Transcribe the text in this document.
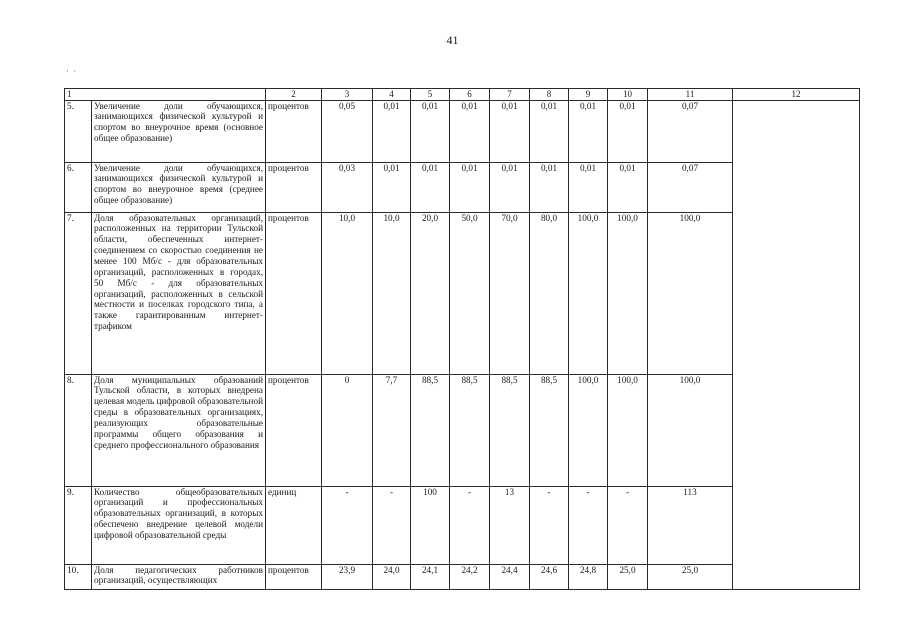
41
· ·
1		2	3	4	5	6	7	8	9	10	11	12
5.	Увеличение доли обучающихся, занимающихся физической культурой и спортом во внеурочное время (основное общее образование)	процентов	0,05	0,01	0,01	0,01	0,01	0,01	0,01	0,01	0,07	
6.	Увеличение доли обучающихся, занимающихся физической культурой и спортом во внеурочное время (среднее общее образование)	процентов	0,03	0,01	0,01	0,01	0,01	0,01	0,01	0,01	0,07	
7.	Доля образовательных организаций, расположенных на территории Тульской области, обеспеченных интернет-соединением со скоростью соединения не менее 100 Мб/с - для образовательных организаций, расположенных в городах, 50 Мб/с - для образовательных организаций, расположенных в сельской местности и поселках городского типа, а также гарантированным интернет-трафиком	процентов	10,0	10,0	20,0	50,0	70,0	80,0	100,0	100,0	100,0	
8.	Доля муниципальных образований Тульской области, в которых внедрена целевая модель цифровой образовательной среды в образовательных организациях, реализующих образовательные программы общего образования и среднего профессионального образования	процентов	0	7,7	88,5	88,5	88,5	88,5	100,0	100,0	100,0	
9.	Количество общеобразовательных организаций и профессиональных образовательных организаций, в которых обеспечено внедрение целевой модели цифровой образовательной среды	единиц	-	-	100	-	13	-	-	-	113	
10.	Доля педагогических работников организаций, осуществляющих	процентов	23,9	24,0	24,1	24,2	24,4	24,6	24,8	25,0	25,0	
